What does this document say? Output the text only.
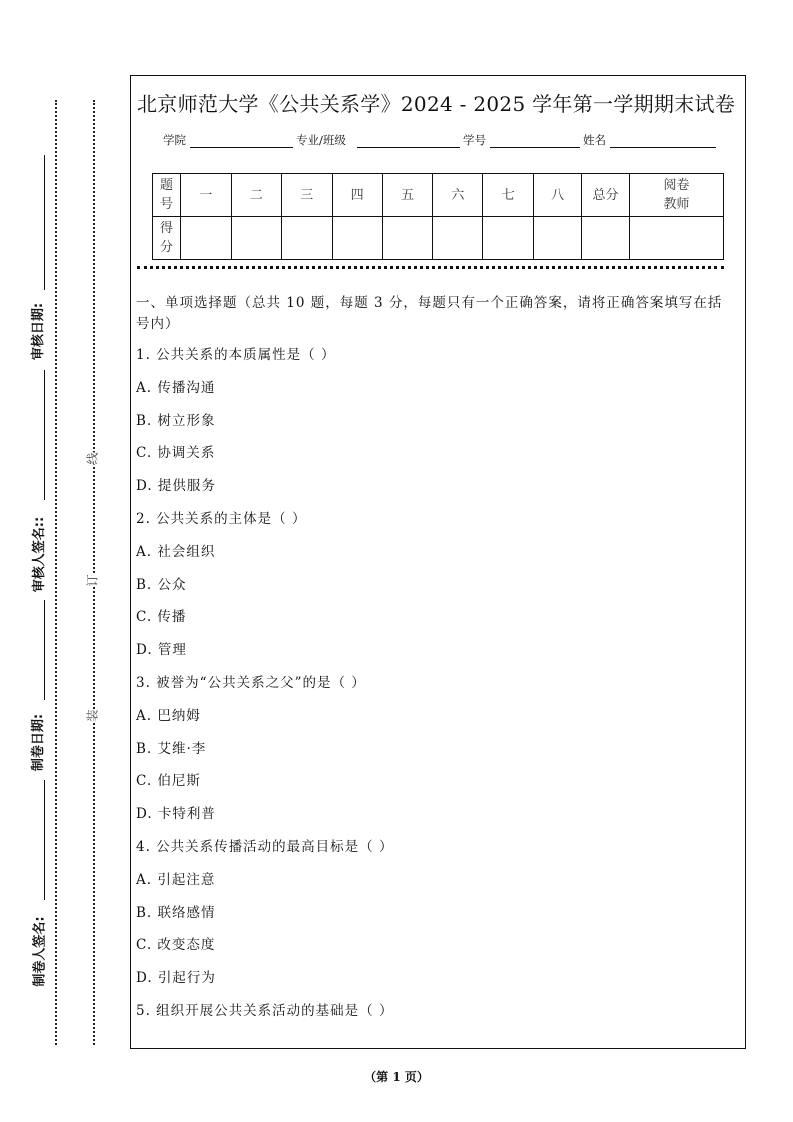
审核日期:
审核人签名::
制卷日期:
制卷人签名:
线
订
装
北京师范大学《公共关系学》2024 - 2025 学年第一学期期末试卷
学院	专业/班级	学号	姓名
题号	一	二	三	四	五	六	七	八	总分	阅卷教师
得分										
一、单项选择题（总共 10 题，每题 3 分，每题只有一个正确答案，请将正确答案填写在括号内）
1. 公共关系的本质属性是（ ）
A. 传播沟通
B. 树立形象
C. 协调关系
D. 提供服务
2. 公共关系的主体是（ ）
A. 社会组织
B. 公众
C. 传播
D. 管理
3. 被誉为“公共关系之父”的是（ ）
A. 巴纳姆
B. 艾维·李
C. 伯尼斯
D. 卡特利普
4. 公共关系传播活动的最高目标是（ ）
A. 引起注意
B. 联络感情
C. 改变态度
D. 引起行为
5. 组织开展公共关系活动的基础是（ ）
（第 1 页）
